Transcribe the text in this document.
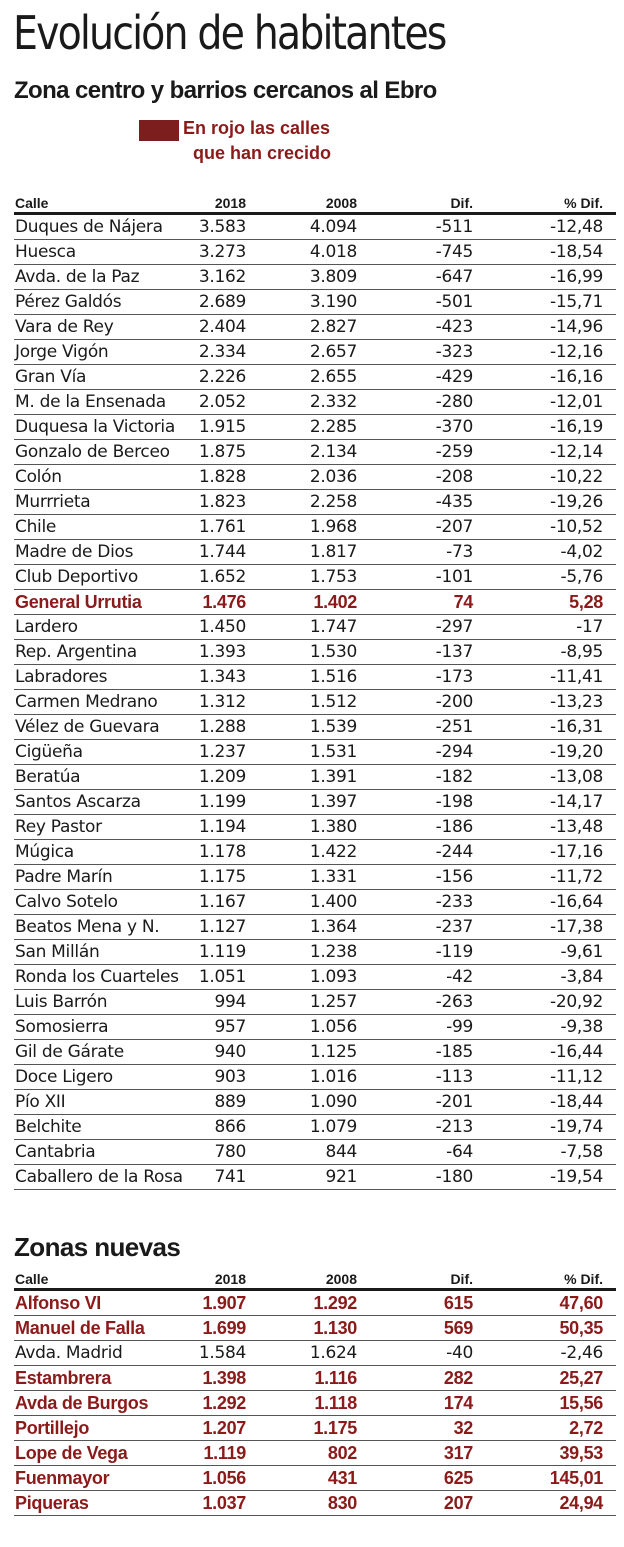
Evolución de habitantes
Zona centro y barrios cercanos al Ebro
En rojo las calles
que han crecido
Calle	2018	2008	Dif.	% Dif.
Duques de Nájera 3.583	4.094	-511	-12,48
Huesca	3.273	4.018	-745	-18,54
Avda. de la Paz	3.162	3.809	-647	-16,99
Pérez Galdós	2.689	3.190	-501	-15,71
Vara de Rey	2.404	2.827	-423	-14,96
Jorge Vigón	2.334	2.657	-323	-12,16
Gran Vía	2.226	2.655	-429	-16,16
M. de la Ensenada 2.052	2.332	-280	-12,01
Duquesa la Victoria 1.915	2.285	-370	-16,19
Gonzalo de Berceo 1.875	2.134	-259	-12,14
Colón	1.828	2.036	-208	-10,22
Murrrieta	1.823	2.258	-435	-19,26
Chile	1.761	1.968	-207	-10,52
Madre de Dios	1.744	1.817	-73	-4,02
Club Deportivo	1.652	1.753	-101	-5,76
General Urrutia	1.476	1.402	74	5,28
Lardero	1.450	1.747	-297	-17
Rep. Argentina	1.393	1.530	-137	-8,95
Labradores	1.343	1.516	-173	-11,41
Carmen Medrano 1.312	1.512	-200	-13,23
Vélez de Guevara 1.288	1.539	-251	-16,31
Cigüeña	1.237	1.531	-294	-19,20
Beratúa	1.209	1.391	-182	-13,08
Santos Ascarza	1.199	1.397	-198	-14,17
Rey Pastor	1.194	1.380	-186	-13,48
Múgica	1.178	1.422	-244	-17,16
Padre Marín	1.175	1.331	-156	-11,72
Calvo Sotelo	1.167	1.400	-233	-16,64
Beatos Mena y N. 1.127	1.364	-237	-17,38
San Millán	1.119	1.238	-119	-9,61
Ronda los Cuarteles 1.051	1.093	-42	-3,84
Luis Barrón	994	1.257	-263	-20,92
Somosierra	957	1.056	-99	-9,38
Gil de Gárate	940	1.125	-185	-16,44
Doce Ligero	903	1.016	-113	-11,12
Pío XII	889	1.090	-201	-18,44
Belchite	866	1.079	-213	-19,74
Cantabria	780	844	-64	-7,58
Caballero de la Rosa 741	921	-180	-19,54
Zonas nuevas
Calle	2018	2008	Dif.	% Dif.
Alfonso VI	1.907	1.292	615	47,60
Manuel de Falla	1.699	1.130	569	50,35
Avda. Madrid	1.584	1.624	-40	-2,46
Estambrera	1.398	1.116	282	25,27
Avda de Burgos	1.292	1.118	174	15,56
Portillejo	1.207	1.175	32	2,72
Lope de Vega	1.119	802	317	39,53
Fuenmayor	1.056	431	625	145,01
Piqueras	1.037	830	207	24,94
